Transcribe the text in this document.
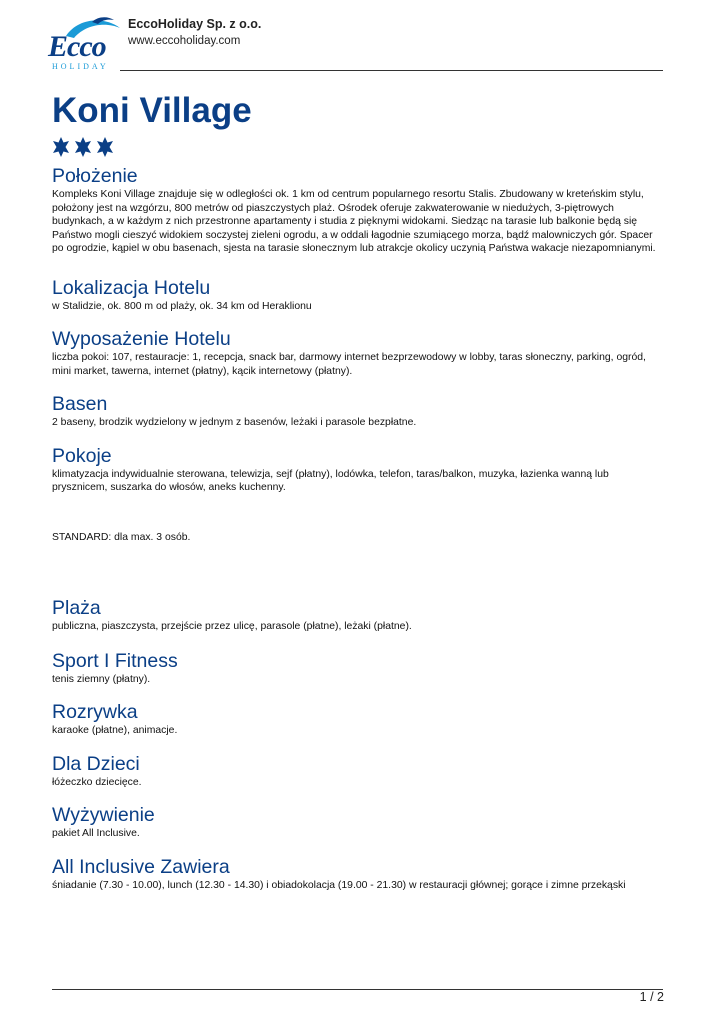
Ecco
HOLIDAY
EccoHoliday Sp. z o.o.
www.eccoholiday.com
Koni Village
Położenie

Kompleks Koni Village znajduje się w odległości ok. 1 km od centrum popularnego resortu Stalis. Zbudowany w kreteńskim stylu, położony jest na wzgórzu, 800 metrów od piaszczystych plaż. Ośrodek oferuje zakwaterowanie w niedużych, 3-piętrowych budynkach, a w każdym z nich przestronne apartamenty i studia z pięknymi widokami. Siedząc na tarasie lub balkonie będą się Państwo mogli cieszyć widokiem soczystej zieleni ogrodu, a w oddali łagodnie szumiącego morza, bądź malowniczych gór. Spacer po ogrodzie, kąpiel w obu basenach, sjesta na tarasie słonecznym lub atrakcje okolicy uczynią Państwa wakacje niezapomnianymi.

Lokalizacja Hotelu

w Stalidzie, ok. 800 m od plaży, ok. 34 km od Heraklionu

Wyposażenie Hotelu

liczba pokoi: 107, restauracje: 1, recepcja, snack bar, darmowy internet bezprzewodowy w lobby, taras słoneczny, parking, ogród, mini market, tawerna, internet (płatny), kącik internetowy (płatny).

Basen

2 baseny, brodzik wydzielony w jednym z basenów, leżaki i parasole bezpłatne.

Pokoje

klimatyzacja indywidualnie sterowana, telewizja, sejf (płatny), lodówka, telefon, taras/balkon, muzyka, łazienka wanną lub prysznicem, suszarka do włosów, aneks kuchenny.

STANDARD: dla max. 3 osób.

Plaża

publiczna, piaszczysta, przejście przez ulicę, parasole (płatne), leżaki (płatne).

Sport I Fitness

tenis ziemny (płatny).

Rozrywka

karaoke (płatne), animacje.

Dla Dzieci

łóżeczko dziecięce.

Wyżywienie

pakiet All Inclusive.

All Inclusive Zawiera

śniadanie (7.30 - 10.00), lunch (12.30 - 14.30) i obiadokolacja (19.00 - 21.30) w restauracji głównej; gorące i zimne przekąski

1 / 2
